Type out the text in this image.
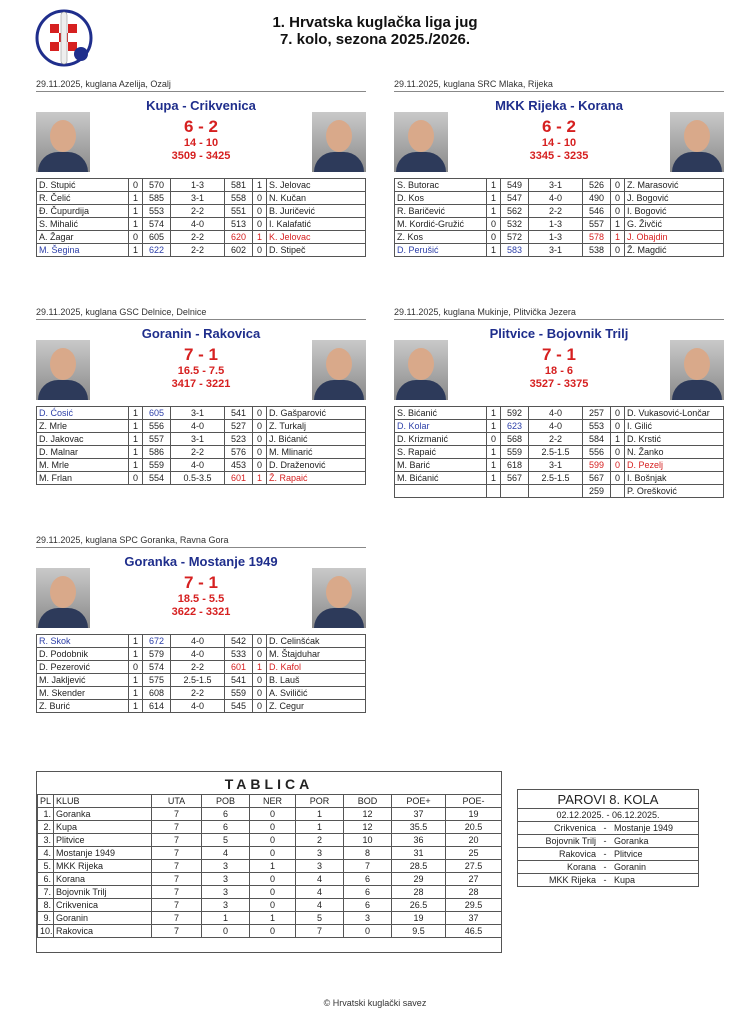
1. Hrvatska kuglačka liga jug
7. kolo, sezona 2025./2026.
29.11.2025, kuglana Azelija, Ozalj
Kupa - Crikvenica
6 - 2
14 - 10
3509 - 3425
D. Stupić	0	570	1-3	581	1	S. Jelovac
R. Čelić	1	585	3-1	558	0	N. Kučan
Đ. Čupurdija	1	553	2-2	551	0	B. Juričević
S. Mihalić	1	574	4-0	513	0	I. Kalafatić
A. Žagar	0	605	2-2	620	1	K. Jelovac
M. Šegina	1	622	2-2	602	0	D. Stipeč
29.11.2025, kuglana SRC Mlaka, Rijeka
MKK Rijeka - Korana
6 - 2
14 - 10
3345 - 3235
S. Butorac	1	549	3-1	526	0	Z. Marasović
D. Kos	1	547	4-0	490	0	J. Bogović
R. Baričević	1	562	2-2	546	0	I. Bogović
M. Kordić-Gružić	0	532	1-3	557	1	G. Živčić
Z. Kos	0	572	1-3	578	1	J. Obajdin
D. Perušić	1	583	3-1	538	0	Ž. Magdić
29.11.2025, kuglana GSC Delnice, Delnice
Goranin - Rakovica
7 - 1
16.5 - 7.5
3417 - 3221
D. Ćosić	1	605	3-1	541	0	D. Gašparović
Z. Mrle	1	556	4-0	527	0	Z. Turkalj
D. Jakovac	1	557	3-1	523	0	J. Bićanić
D. Malnar	1	586	2-2	576	0	M. Mlinarić
M. Mrle	1	559	4-0	453	0	D. Draženović
M. Frlan	0	554	0.5-3.5	601	1	Ž. Rapaić
29.11.2025, kuglana Mukinje, Plitvička Jezera
Plitvice - Bojovnik Trilj
7 - 1
18 - 6
3527 - 3375
S. Bićanić	1	592	4-0	257	0	D. Vukasović-Lončar
D. Kolar	1	623	4-0	553	0	I. Gilić
D. Krizmanić	0	568	2-2	584	1	D. Krstić
S. Rapaić	1	559	2.5-1.5	556	0	N. Žanko
M. Barić	1	618	3-1	599	0	D. Pezelj
M. Bićanić	1	567	2.5-1.5	567	0	I. Bošnjak
				259		P. Orešković
29.11.2025, kuglana SPC Goranka, Ravna Gora
Goranka - Mostanje 1949
7 - 1
18.5 - 5.5
3622 - 3321
R. Skok	1	672	4-0	542	0	D. Celinšćak
D. Podobnik	1	579	4-0	533	0	M. Štajduhar
D. Pezerović	0	574	2-2	601	1	D. Kafol
M. Jakljević	1	575	2.5-1.5	541	0	B. Lauš
M. Skender	1	608	2-2	559	0	A. Sviličić
Z. Burić	1	614	4-0	545	0	Z. Cegur
TABLICA
PL	KLUB	UTA	POB	NER	POR	BOD	POE+	POE-
1.	Goranka	7	6	0	1	12	37	19
2.	Kupa	7	6	0	1	12	35.5	20.5
3.	Plitvice	7	5	0	2	10	36	20
4.	Mostanje 1949	7	4	0	3	8	31	25
5.	MKK Rijeka	7	3	1	3	7	28.5	27.5
6.	Korana	7	3	0	4	6	29	27
7.	Bojovnik Trilj	7	3	0	4	6	28	28
8.	Crikvenica	7	3	0	4	6	26.5	29.5
9.	Goranin	7	1	1	5	3	19	37
10.	Rakovica	7	0	0	7	0	9.5	46.5
PAROVI 8. KOLA
02.12.2025. - 06.12.2025.
Crikvenica - Mostanje 1949
Bojovnik Trilj - Goranka
Rakovica - Plitvice
Korana - Goranin
MKK Rijeka - Kupa
© Hrvatski kuglački savez
